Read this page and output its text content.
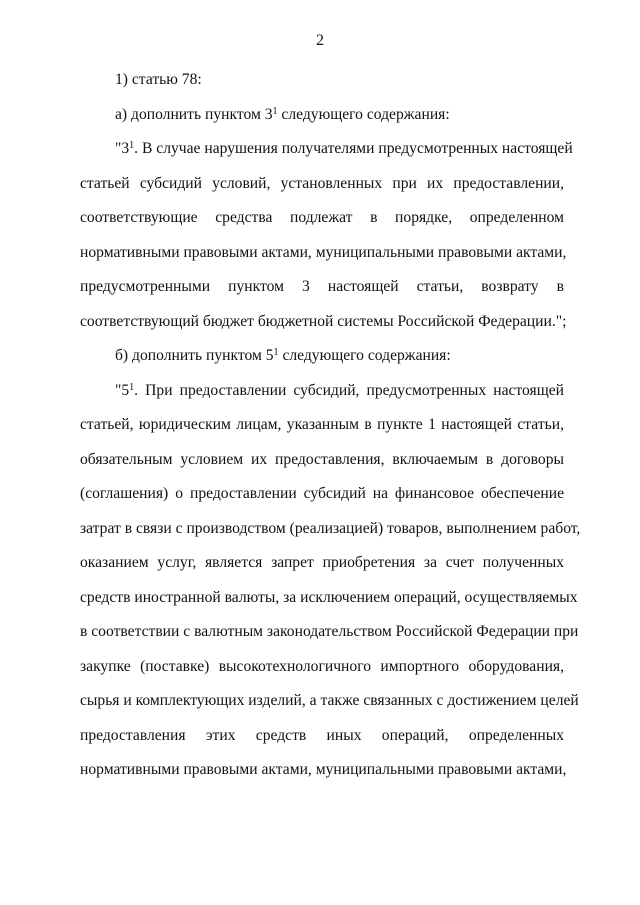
2
1) статью 78:
а) дополнить пунктом $3^1$ следующего содержания:
"$3^1$. В случае нарушения получателями предусмотренных настоящей
статьей субсидий условий, установленных при их предоставлении,
соответствующие средства подлежат в порядке, определенном
нормативными правовыми актами, муниципальными правовыми актами,
предусмотренными пунктом 3 настоящей статьи, возврату в
соответствующий бюджет бюджетной системы Российской Федерации.";
б) дополнить пунктом $5^1$ следующего содержания:
"$5^1$. При предоставлении субсидий, предусмотренных настоящей
статьей, юридическим лицам, указанным в пункте 1 настоящей статьи,
обязательным условием их предоставления, включаемым в договоры
(соглашения) о предоставлении субсидий на финансовое обеспечение
затрат в связи с производством (реализацией) товаров, выполнением работ,
оказанием услуг, является запрет приобретения за счет полученных
средств иностранной валюты, за исключением операций, осуществляемых
в соответствии с валютным законодательством Российской Федерации при
закупке (поставке) высокотехнологичного импортного оборудования,
сырья и комплектующих изделий, а также связанных с достижением целей
предоставления этих средств иных операций, определенных
нормативными правовыми актами, муниципальными правовыми актами,
